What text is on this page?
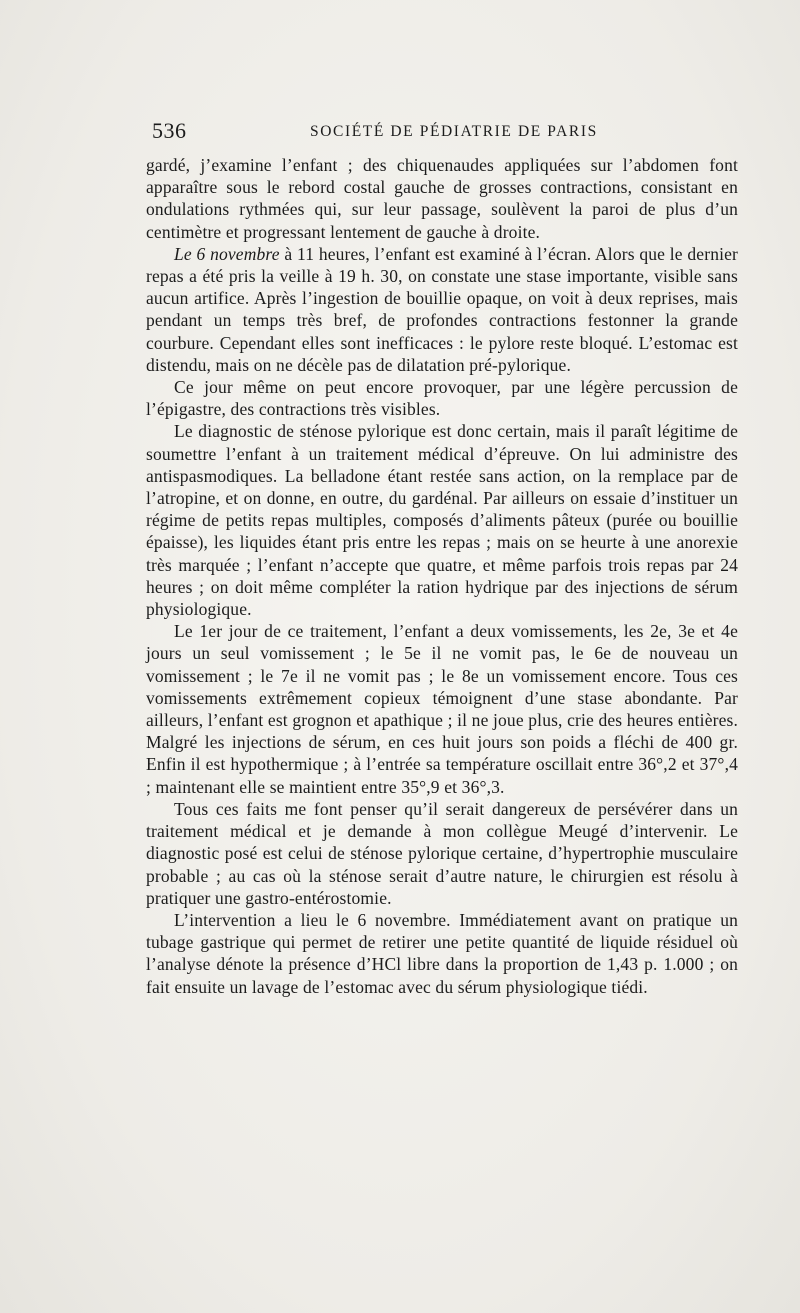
536	SOCIÉTÉ DE PÉDIATRIE DE PARIS

gardé, j’examine l’enfant ; des chiquenaudes appliquées sur l’abdomen font apparaître sous le rebord costal gauche de grosses contractions, consistant en ondulations rythmées qui, sur leur passage, soulèvent la paroi de plus d’un centimètre et progressant lentement de gauche à droite.

Le 6 novembre à 11 heures, l’enfant est examiné à l’écran. Alors que le dernier repas a été pris la veille à 19 h. 30, on constate une stase importante, visible sans aucun artifice. Après l’ingestion de bouillie opaque, on voit à deux reprises, mais pendant un temps très bref, de profondes contractions festonner la grande courbure. Cependant elles sont inefficaces : le pylore reste bloqué. L’estomac est distendu, mais on ne décèle pas de dilatation pré-pylorique.

Ce jour même on peut encore provoquer, par une légère percussion de l’épigastre, des contractions très visibles.

Le diagnostic de sténose pylorique est donc certain, mais il paraît légitime de soumettre l’enfant à un traitement médical d’épreuve. On lui administre des antispasmodiques. La belladone étant restée sans action, on la remplace par de l’atropine, et on donne, en outre, du gardénal. Par ailleurs on essaie d’instituer un régime de petits repas multiples, composés d’aliments pâteux (purée ou bouillie épaisse), les liquides étant pris entre les repas ; mais on se heurte à une anorexie très marquée ; l’enfant n’accepte que quatre, et même parfois trois repas par 24 heures ; on doit même compléter la ration hydrique par des injections de sérum physiologique.

Le 1er jour de ce traitement, l’enfant a deux vomissements, les 2e, 3e et 4e jours un seul vomissement ; le 5e il ne vomit pas, le 6e de nouveau un vomissement ; le 7e il ne vomit pas ; le 8e un vomissement encore. Tous ces vomissements extrêmement copieux témoignent d’une stase abondante. Par ailleurs, l’enfant est grognon et apathique ; il ne joue plus, crie des heures entières. Malgré les injections de sérum, en ces huit jours son poids a fléchi de 400 gr. Enfin il est hypothermique ; à l’entrée sa température oscillait entre 36°,2 et 37°,4 ; maintenant elle se maintient entre 35°,9 et 36°,3.

Tous ces faits me font penser qu’il serait dangereux de persévérer dans un traitement médical et je demande à mon collègue Meugé d’intervenir. Le diagnostic posé est celui de sténose pylorique certaine, d’hypertrophie musculaire probable ; au cas où la sténose serait d’autre nature, le chirurgien est résolu à pratiquer une gastro-entérostomie.

L’intervention a lieu le 6 novembre. Immédiatement avant on pratique un tubage gastrique qui permet de retirer une petite quantité de liquide résiduel où l’analyse dénote la présence d’HCl libre dans la proportion de 1,43 p. 1.000 ; on fait ensuite un lavage de l’estomac avec du sérum physiologique tiédi.
